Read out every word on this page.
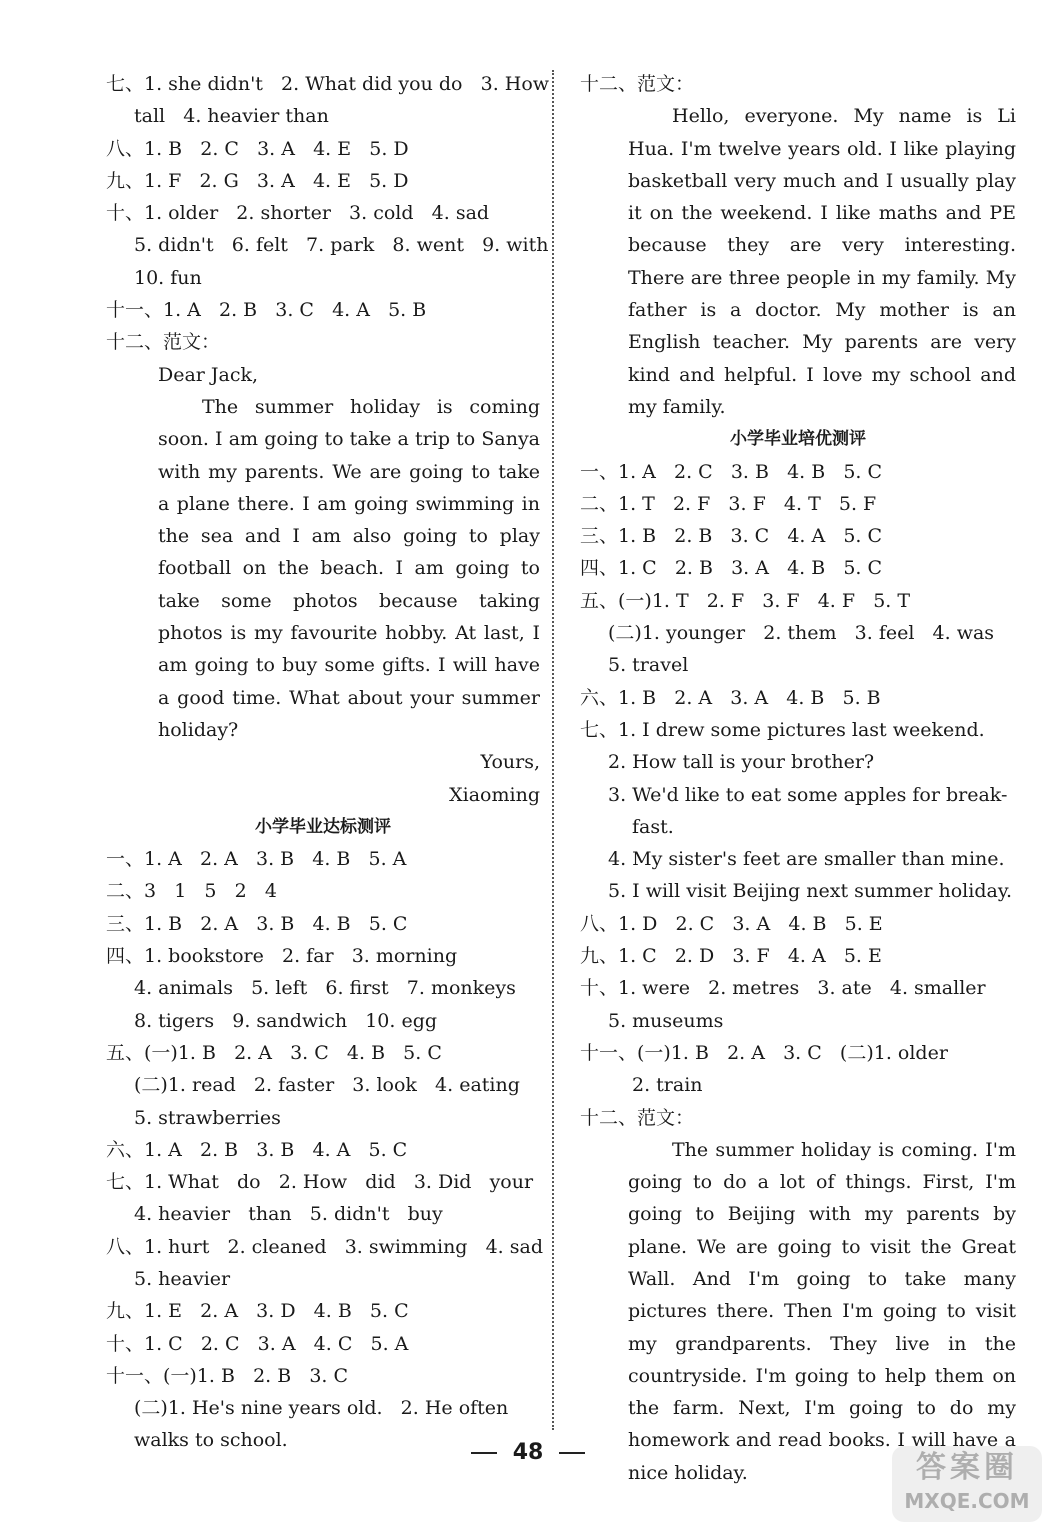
七、1. she didn't   2. What did you do   3. How
tall   4. heavier than
八、1. B   2. C   3. A   4. E   5. D
九、1. F   2. G   3. A   4. E   5. D
十、1. older   2. shorter   3. cold   4. sad
5. didn't   6. felt   7. park   8. went   9. with
10. fun
十一、1. A   2. B   3. C   4. A   5. B
十二、范文：
Dear Jack,
The summer holiday is coming soon. I am going to take a trip to Sanya with my parents. We are going to take a plane there. I am going swimming in the sea and I am also going to play football on the beach. I am going to take some photos because taking photos is my favourite hobby. At last, I am going to buy some gifts. I will have a good time. What about your summer holiday?
Yours,
Xiaoming
小学毕业达标测评
一、1. A   2. A   3. B   4. B   5. A
二、3   1   5   2   4
三、1. B   2. A   3. B   4. B   5. C
四、1. bookstore   2. far   3. morning
4. animals   5. left   6. first   7. monkeys
8. tigers   9. sandwich   10. egg
五、(一)1. B   2. A   3. C   4. B   5. C
(二)1. read   2. faster   3. look   4. eating
5. strawberries
六、1. A   2. B   3. B   4. A   5. C
七、1. What   do   2. How   did   3. Did   your
4. heavier   than   5. didn't   buy
八、1. hurt   2. cleaned   3. swimming   4. sad
5. heavier
九、1. E   2. A   3. D   4. B   5. C
十、1. C   2. C   3. A   4. C   5. A
十一、(一)1. B   2. B   3. C
(二)1. He's nine years old.   2. He often
walks to school.
十二、范文：
Hello, everyone. My name is Li Hua. I'm twelve years old. I like playing basketball very much and I usually play it on the weekend. I like maths and PE because they are very interesting. There are three people in my family. My father is a doctor. My mother is an English teacher. My parents are very kind and helpful. I love my school and my family.
小学毕业培优测评
一、1. A   2. C   3. B   4. B   5. C
二、1. T   2. F   3. F   4. T   5. F
三、1. B   2. B   3. C   4. A   5. C
四、1. C   2. B   3. A   4. B   5. C
五、(一)1. T   2. F   3. F   4. F   5. T
(二)1. younger   2. them   3. feel   4. was
5. travel
六、1. B   2. A   3. A   4. B   5. B
七、1. I drew some pictures last weekend.
2. How tall is your brother?
3. We'd like to eat some apples for break-
fast.
4. My sister's feet are smaller than mine.
5. I will visit Beijing next summer holiday.
八、1. D   2. C   3. A   4. B   5. E
九、1. C   2. D   3. F   4. A   5. E
十、1. were   2. metres   3. ate   4. smaller
5. museums
十一、(一)1. B   2. A   3. C   (二)1. older
2. train
十二、范文：
The summer holiday is coming. I'm going to do a lot of things. First, I'm going to Beijing with my parents by plane. We are going to visit the Great Wall. And I'm going to take many pictures there. Then I'm going to visit my grandparents. They live in the countryside. I'm going to help them on the farm. Next, I'm going to do my homework and read books. I will have a nice holiday.
48	答案圈
MXQE.COM
